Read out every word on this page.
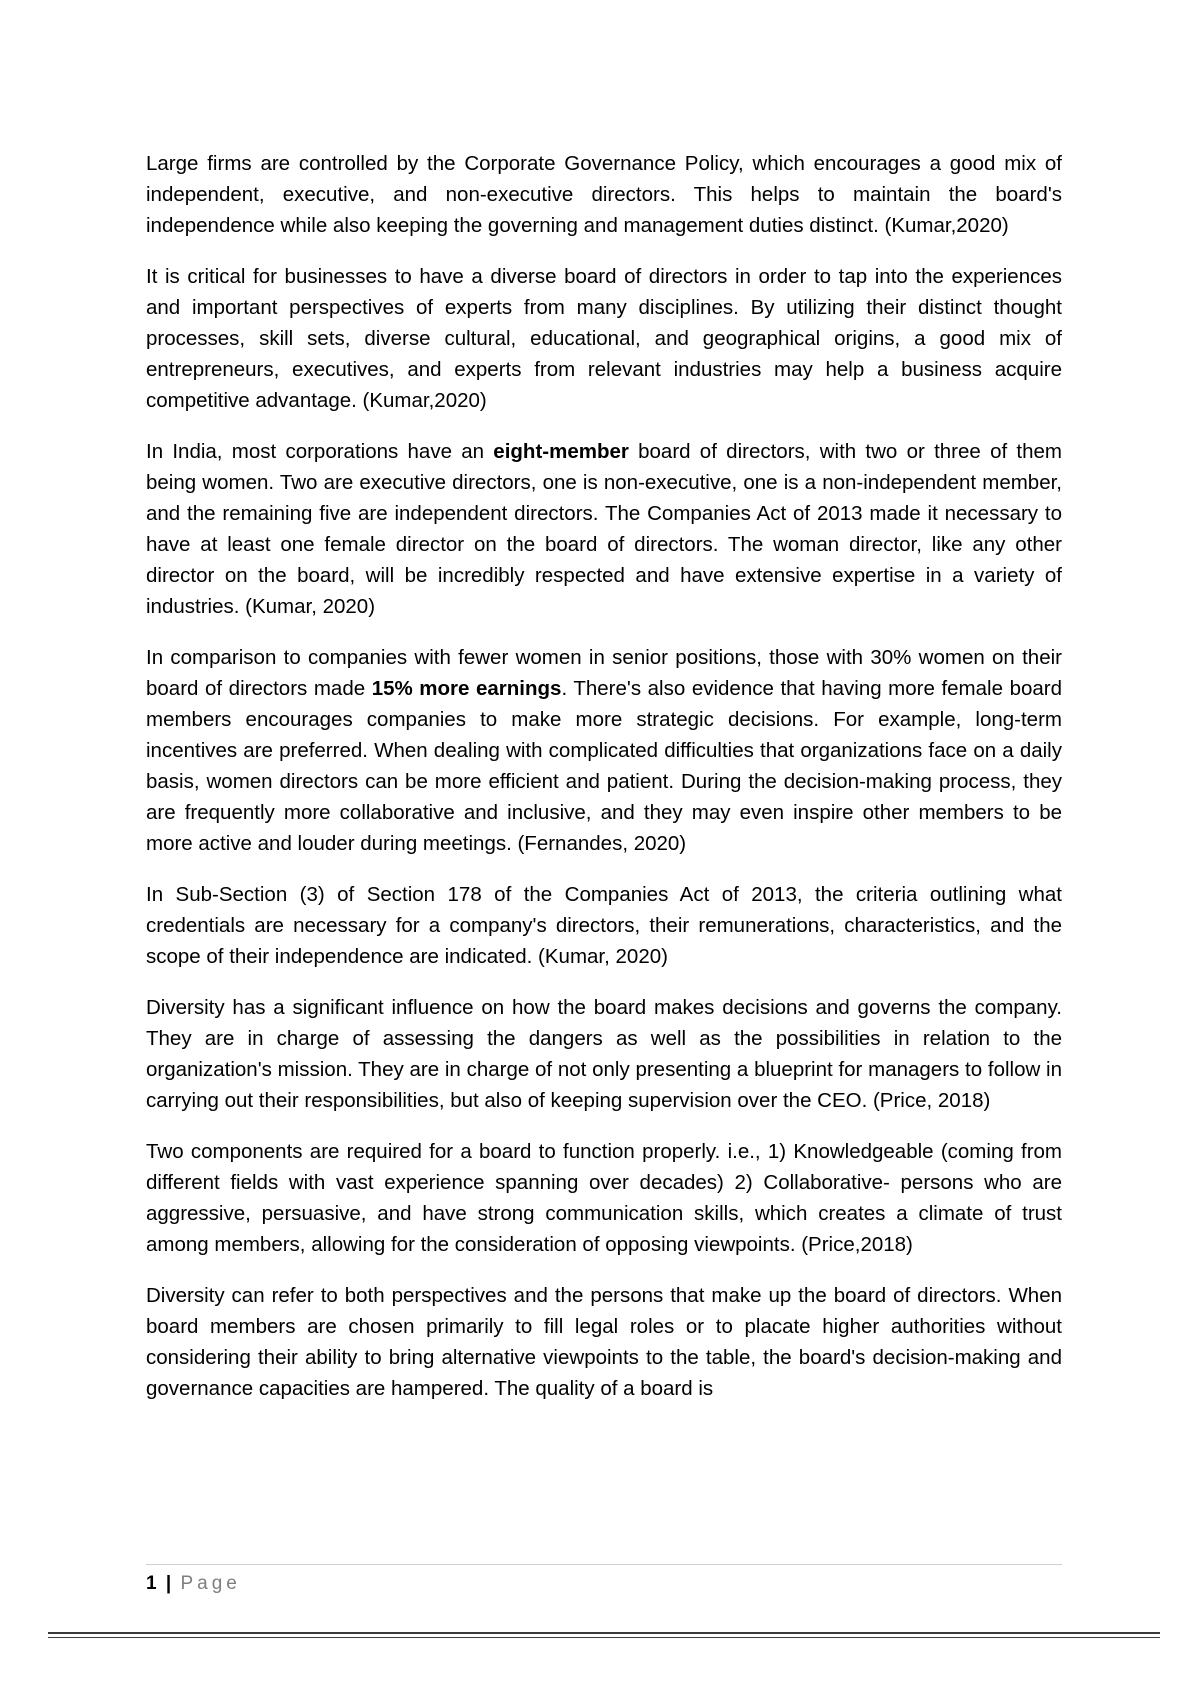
Large firms are controlled by the Corporate Governance Policy, which encourages a good mix of independent, executive, and non-executive directors. This helps to maintain the board's independence while also keeping the governing and management duties distinct. (Kumar,2020)

It is critical for businesses to have a diverse board of directors in order to tap into the experiences and important perspectives of experts from many disciplines. By utilizing their distinct thought processes, skill sets, diverse cultural, educational, and geographical origins, a good mix of entrepreneurs, executives, and experts from relevant industries may help a business acquire competitive advantage. (Kumar,2020)

In India, most corporations have an eight-member board of directors, with two or three of them being women. Two are executive directors, one is non-executive, one is a non-independent member, and the remaining five are independent directors. The Companies Act of 2013 made it necessary to have at least one female director on the board of directors. The woman director, like any other director on the board, will be incredibly respected and have extensive expertise in a variety of industries. (Kumar, 2020)

In comparison to companies with fewer women in senior positions, those with 30% women on their board of directors made 15% more earnings. There's also evidence that having more female board members encourages companies to make more strategic decisions. For example, long-term incentives are preferred. When dealing with complicated difficulties that organizations face on a daily basis, women directors can be more efficient and patient. During the decision-making process, they are frequently more collaborative and inclusive, and they may even inspire other members to be more active and louder during meetings. (Fernandes, 2020)

In Sub-Section (3) of Section 178 of the Companies Act of 2013, the criteria outlining what credentials are necessary for a company's directors, their remunerations, characteristics, and the scope of their independence are indicated. (Kumar, 2020)

Diversity has a significant influence on how the board makes decisions and governs the company. They are in charge of assessing the dangers as well as the possibilities in relation to the organization's mission. They are in charge of not only presenting a blueprint for managers to follow in carrying out their responsibilities, but also of keeping supervision over the CEO. (Price, 2018)

Two components are required for a board to function properly. i.e., 1) Knowledgeable (coming from different fields with vast experience spanning over decades) 2) Collaborative- persons who are aggressive, persuasive, and have strong communication skills, which creates a climate of trust among members, allowing for the consideration of opposing viewpoints. (Price,2018)

Diversity can refer to both perspectives and the persons that make up the board of directors. When board members are chosen primarily to fill legal roles or to placate higher authorities without considering their ability to bring alternative viewpoints to the table, the board's decision-making and governance capacities are hampered. The quality of a board is

1 | Page
